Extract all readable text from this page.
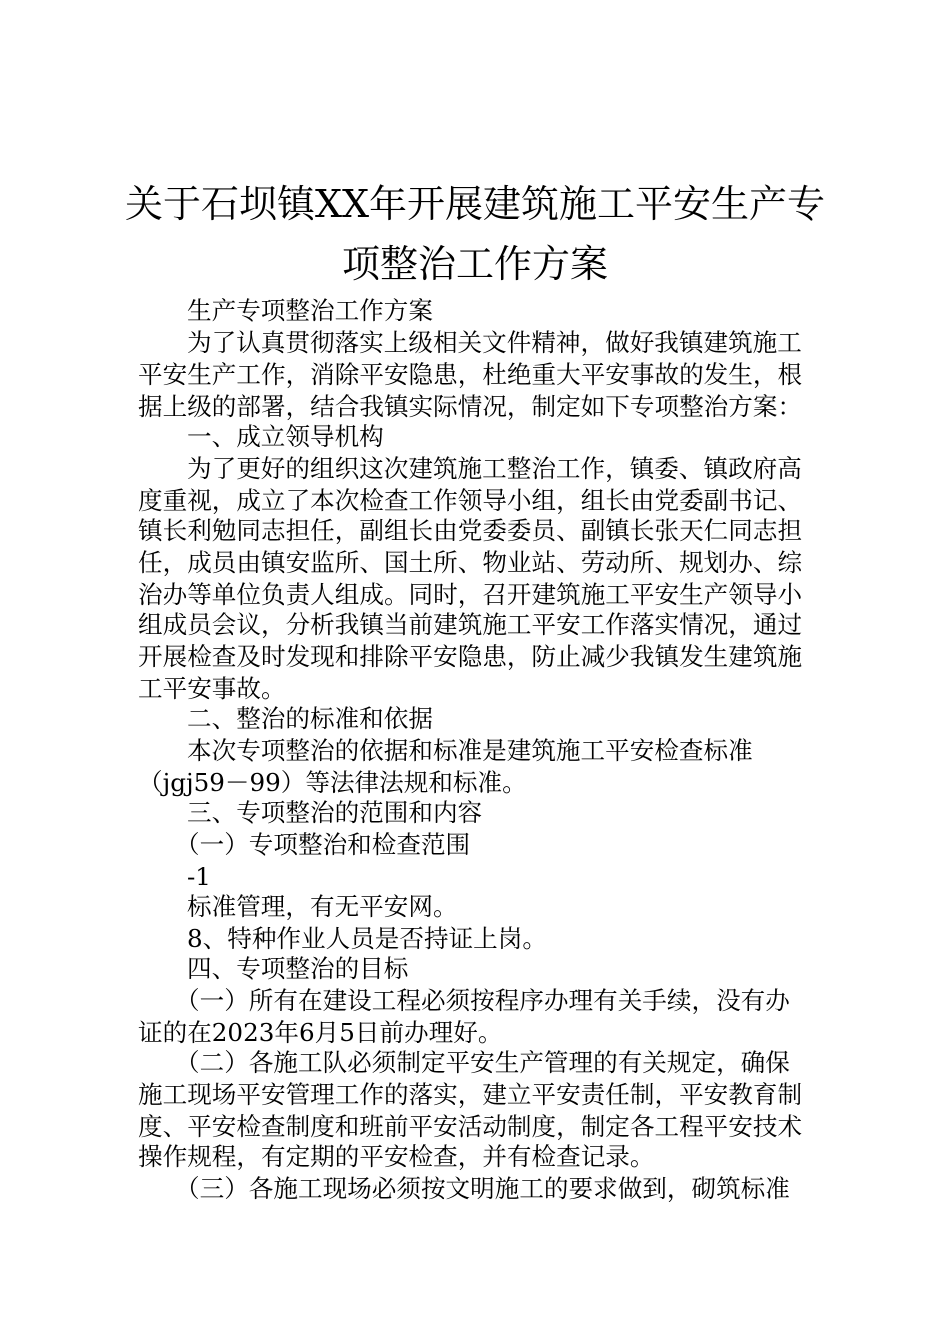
关于石坝镇XX年开展建筑施工平安生产专
项整治工作方案
生产专项整治工作方案
为了认真贯彻落实上级相关文件精神，做好我镇建筑施工
平安生产工作，消除平安隐患，杜绝重大平安事故的发生，根
据上级的部署，结合我镇实际情况，制定如下专项整治方案：
一、成立领导机构
为了更好的组织这次建筑施工整治工作，镇委、镇政府高
度重视，成立了本次检查工作领导小组，组长由党委副书记、
镇长利勉同志担任，副组长由党委委员、副镇长张天仁同志担
任，成员由镇安监所、国土所、物业站、劳动所、规划办、综
治办等单位负责人组成。同时，召开建筑施工平安生产领导小
组成员会议，分析我镇当前建筑施工平安工作落实情况，通过
开展检查及时发现和排除平安隐患，防止减少我镇发生建筑施
工平安事故。
二、整治的标准和依据
本次专项整治的依据和标准是建筑施工平安检查标准
（jgj59－99）等法律法规和标准。
三、专项整治的范围和内容
（一）专项整治和检查范围
-1
标准管理，有无平安网。
8、特种作业人员是否持证上岗。
四、专项整治的目标
（一）所有在建设工程必须按程序办理有关手续，没有办
证的在2023年6月5日前办理好。
（二）各施工队必须制定平安生产管理的有关规定，确保
施工现场平安管理工作的落实，建立平安责任制，平安教育制
度、平安检查制度和班前平安活动制度，制定各工程平安技术
操作规程，有定期的平安检查，并有检查记录。
（三）各施工现场必须按文明施工的要求做到，砌筑标准
